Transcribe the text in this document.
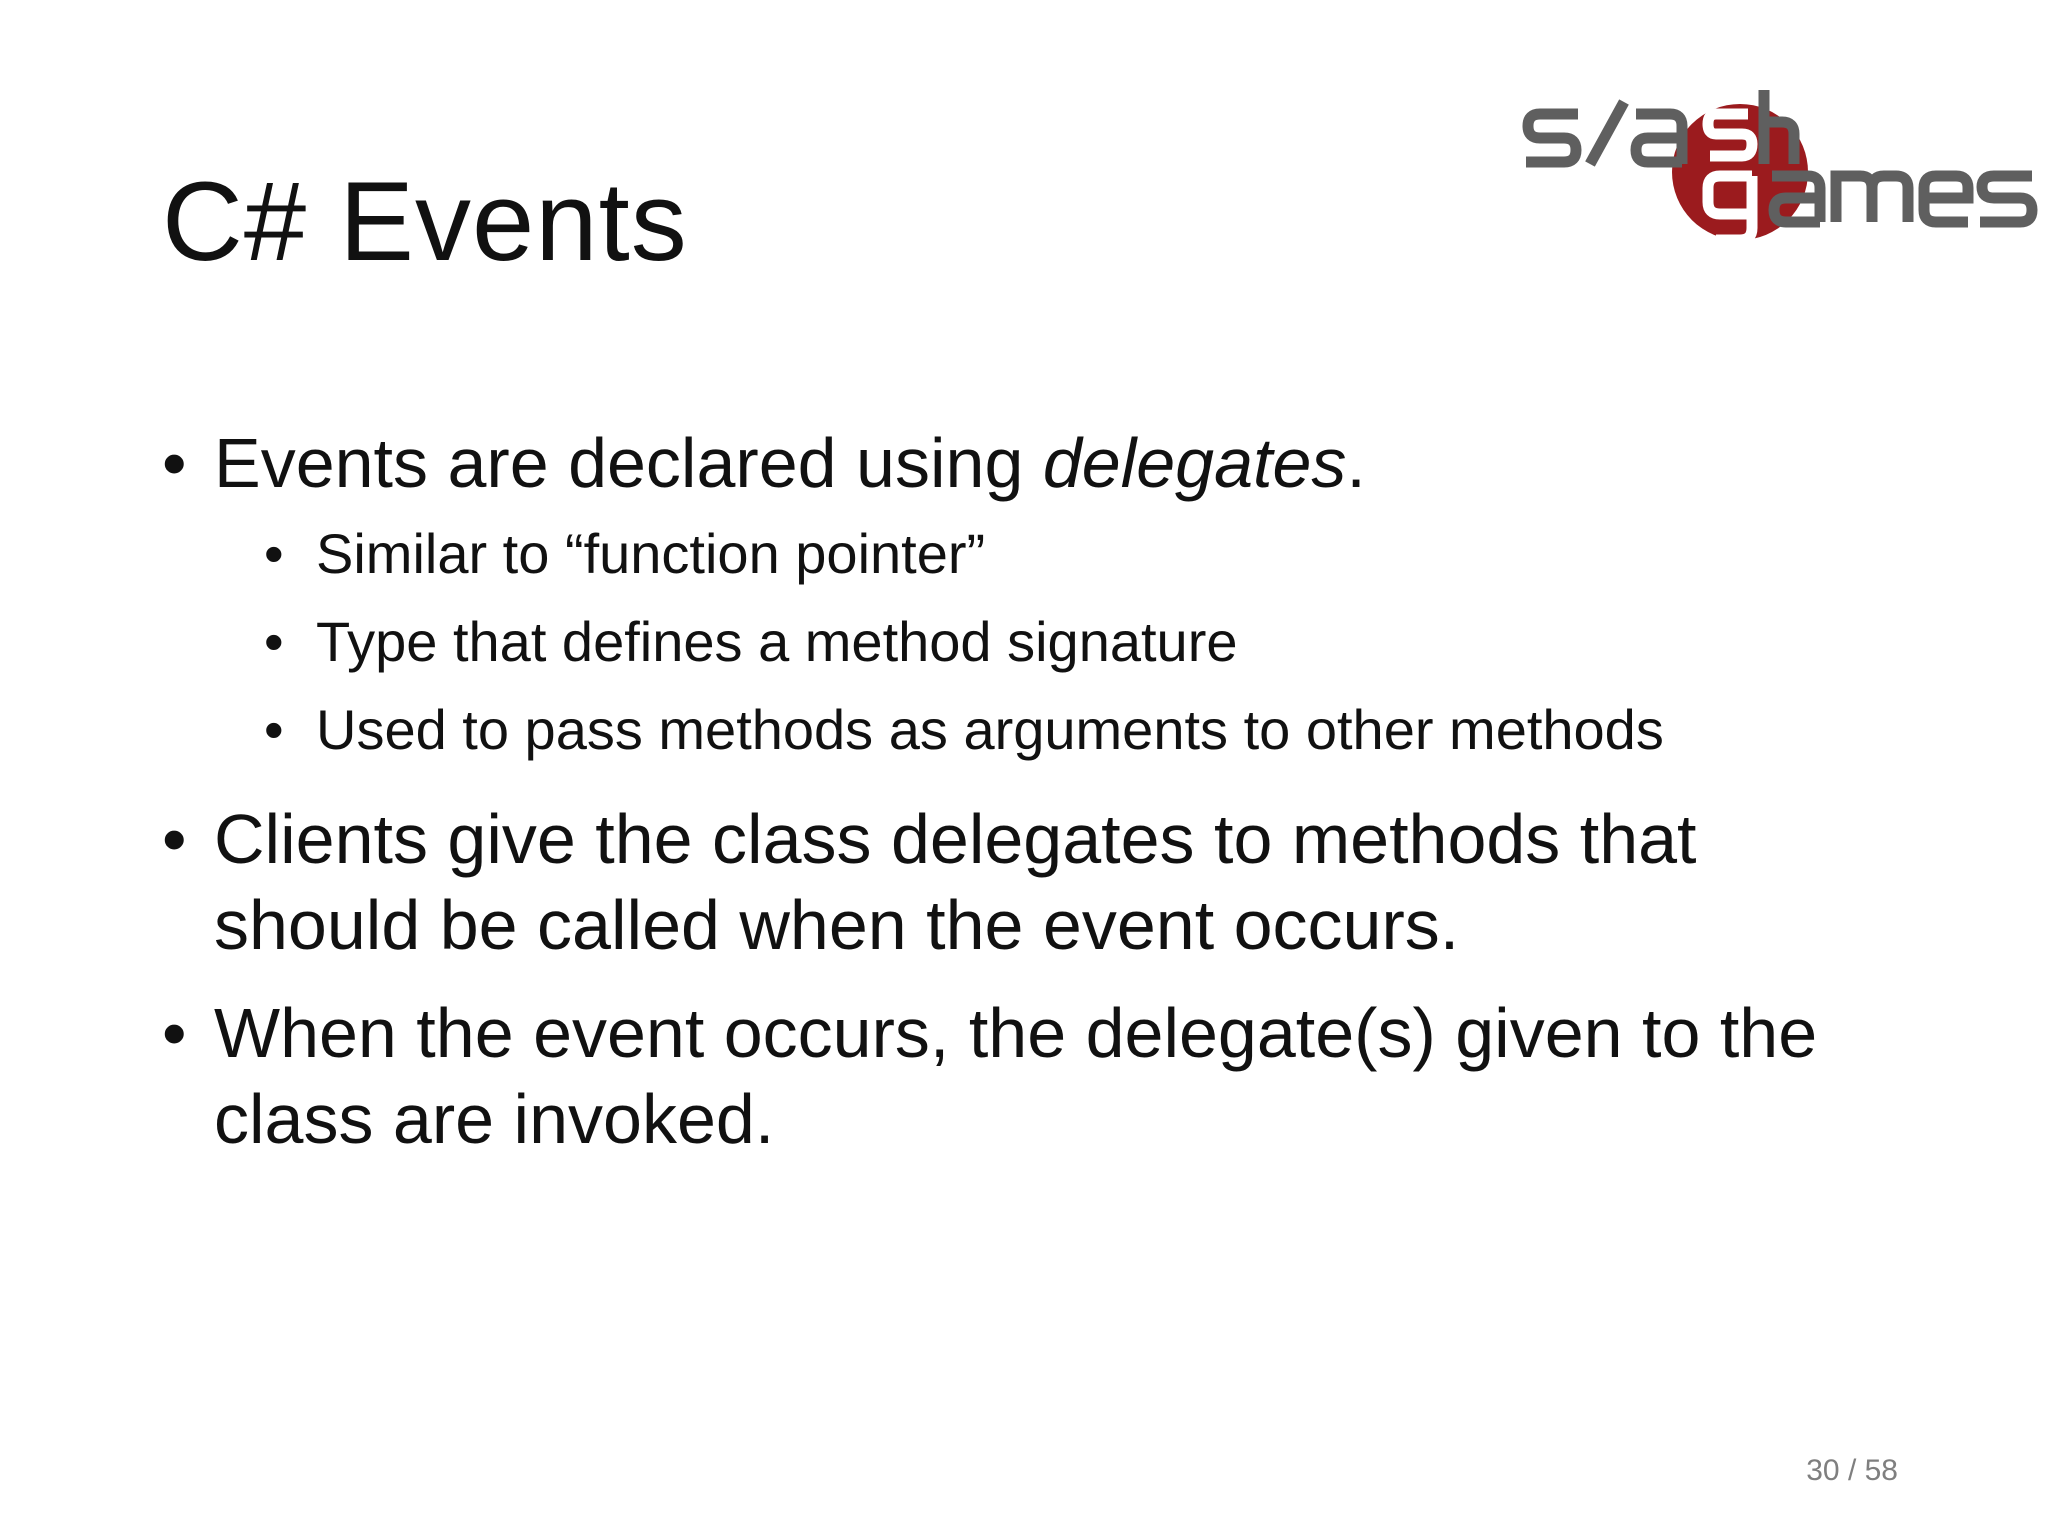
C# Events
• Events are declared using delegates.
• Similar to “function pointer”
• Type that defines a method signature
• Used to pass methods as arguments to other methods
• Clients give the class delegates to methods that should be called when the event occurs.
• When the event occurs, the delegate(s) given to the class are invoked.
30 / 58
